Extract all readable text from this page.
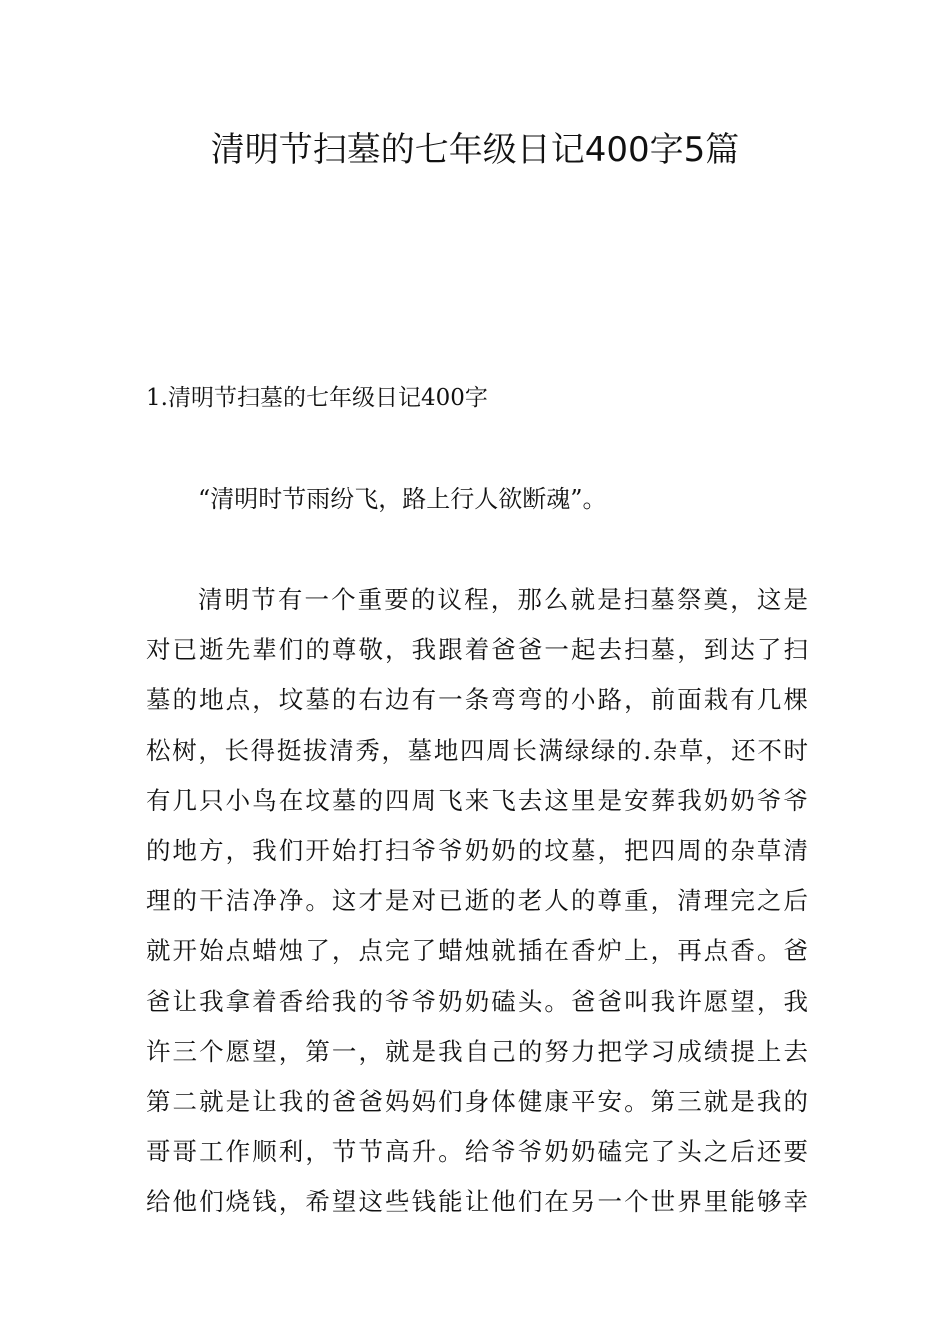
清明节扫墓的七年级日记400字5篇
1.清明节扫墓的七年级日记400字
“清明时节雨纷飞，路上行人欲断魂”。
清明节有一个重要的议程，那么就是扫墓祭奠，这是
对已逝先辈们的尊敬，我跟着爸爸一起去扫墓，到达了扫
墓的地点，坟墓的右边有一条弯弯的小路，前面栽有几棵
松树，长得挺拔清秀，墓地四周长满绿绿的.杂草，还不时
有几只小鸟在坟墓的四周飞来飞去这里是安葬我奶奶爷爷
的地方，我们开始打扫爷爷奶奶的坟墓，把四周的杂草清
理的干洁净净。这才是对已逝的老人的尊重，清理完之后
就开始点蜡烛了，点完了蜡烛就插在香炉上，再点香。爸
爸让我拿着香给我的爷爷奶奶磕头。爸爸叫我许愿望，我
许三个愿望，第一，就是我自己的努力把学习成绩提上去
第二就是让我的爸爸妈妈们身体健康平安。第三就是我的
哥哥工作顺利，节节高升。给爷爷奶奶磕完了头之后还要
给他们烧钱，希望这些钱能让他们在另一个世界里能够幸
